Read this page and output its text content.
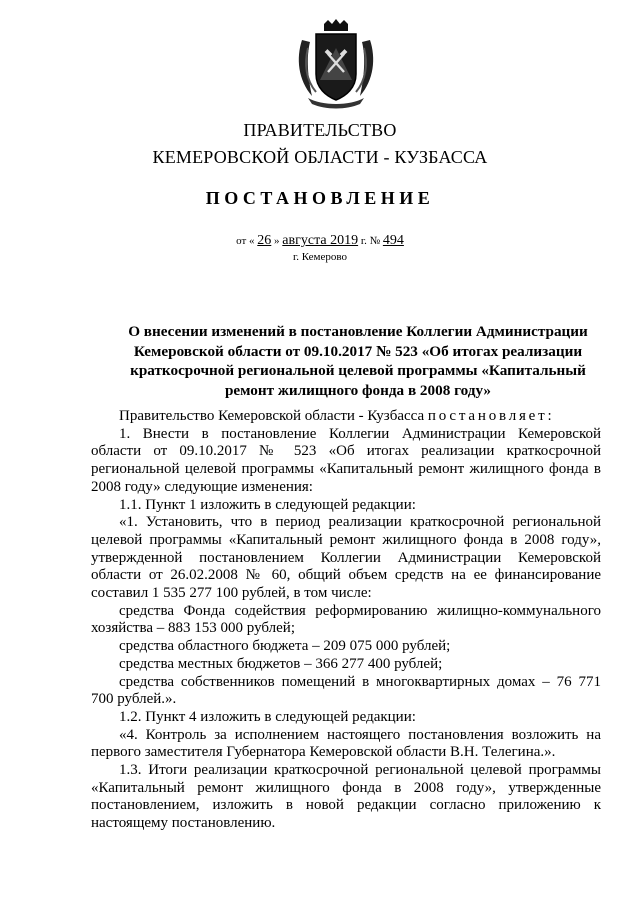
ПРАВИТЕЛЬСТВО
КЕМЕРОВСКОЙ ОБЛАСТИ - КУЗБАССА
ПОСТАНОВЛЕНИЕ
от « 26 » августа 2019 г. № 494
г. Кемерово
О внесении изменений в постановление Коллегии Администрации Кемеровской области от 09.10.2017 № 523 «Об итогах реализации краткосрочной региональной целевой программы «Капитальный ремонт жилищного фонда в 2008 году»

Правительство Кемеровской области - Кузбасса постановляет:

1. Внести в постановление Коллегии Администрации Кемеровской области от 09.10.2017 № 523 «Об итогах реализации краткосрочной региональной целевой программы «Капитальный ремонт жилищного фонда в 2008 году» следующие изменения:

1.1. Пункт 1 изложить в следующей редакции:

«1. Установить, что в период реализации краткосрочной региональной целевой программы «Капитальный ремонт жилищного фонда в 2008 году», утвержденной постановлением Коллегии Администрации Кемеровской области от 26.02.2008 № 60, общий объем средств на ее финансирование составил 1 535 277 100 рублей, в том числе:

средства Фонда содействия реформированию жилищно-коммунального хозяйства – 883 153 000 рублей;

средства областного бюджета – 209 075 000 рублей;

средства местных бюджетов – 366 277 400 рублей;

средства собственников помещений в многоквартирных домах – 76 771 700 рублей.».

1.2. Пункт 4 изложить в следующей редакции:

«4. Контроль за исполнением настоящего постановления возложить на первого заместителя Губернатора Кемеровской области В.Н. Телегина.».

1.3. Итоги реализации краткосрочной региональной целевой программы «Капитальный ремонт жилищного фонда в 2008 году», утвержденные постановлением, изложить в новой редакции согласно приложению к настоящему постановлению.
